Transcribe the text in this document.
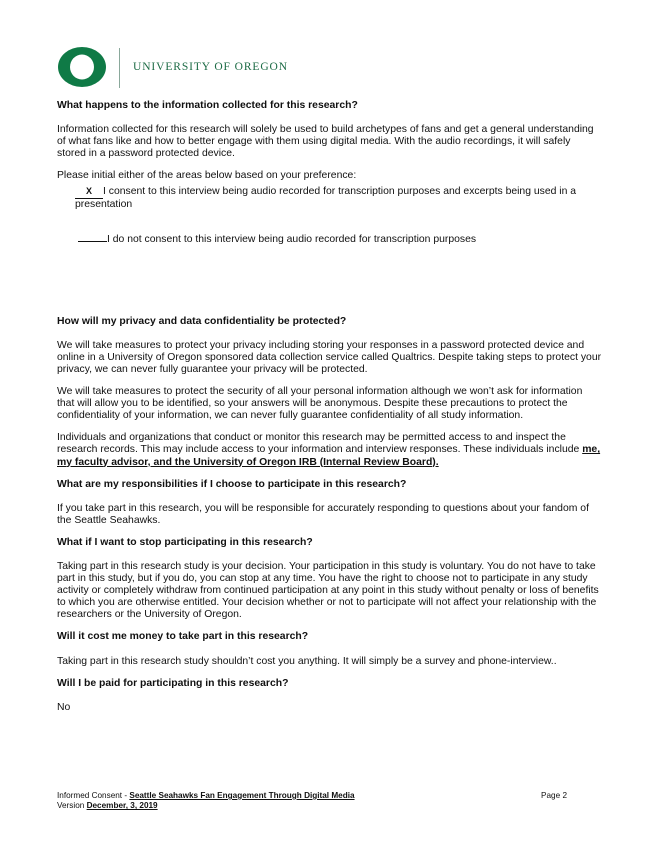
UNIVERSITY OF OREGON
What happens to the information collected for this research?
Information collected for this research will solely be used to build archetypes of fans and get a general understanding of what fans like and how to better engage with them using digital media. With the audio recordings, it will safely stored in a password protected device.
Please initial either of the areas below based on your preference:
X I consent to this interview being audio recorded for transcription purposes and excerpts being used in a presentation
I do not consent to this interview being audio recorded for transcription purposes
How will my privacy and data confidentiality be protected?
We will take measures to protect your privacy including storing your responses in a password protected device and online in a University of Oregon sponsored data collection service called Qualtrics. Despite taking steps to protect your privacy, we can never fully guarantee your privacy will be protected.
We will take measures to protect the security of all your personal information although we won’t ask for information that will allow you to be identified, so your answers will be anonymous. Despite these precautions to protect the confidentiality of your information, we can never fully guarantee confidentiality of all study information.
Individuals and organizations that conduct or monitor this research may be permitted access to and inspect the research records. This may include access to your information and interview responses. These individuals include me, my faculty advisor, and the University of Oregon IRB (Internal Review Board).
What are my responsibilities if I choose to participate in this research?
If you take part in this research, you will be responsible for accurately responding to questions about your fandom of the Seattle Seahawks.
What if I want to stop participating in this research?
Taking part in this research study is your decision. Your participation in this study is voluntary. You do not have to take part in this study, but if you do, you can stop at any time. You have the right to choose not to participate in any study activity or completely withdraw from continued participation at any point in this study without penalty or loss of benefits to which you are otherwise entitled. Your decision whether or not to participate will not affect your relationship with the researchers or the University of Oregon.
Will it cost me money to take part in this research?
Taking part in this research study shouldn’t cost you anything. It will simply be a survey and phone-interview..
Will I be paid for participating in this research?
No
Informed Consent - Seattle Seahawks Fan Engagement Through Digital Media
Version December, 3, 2019
Page 2
